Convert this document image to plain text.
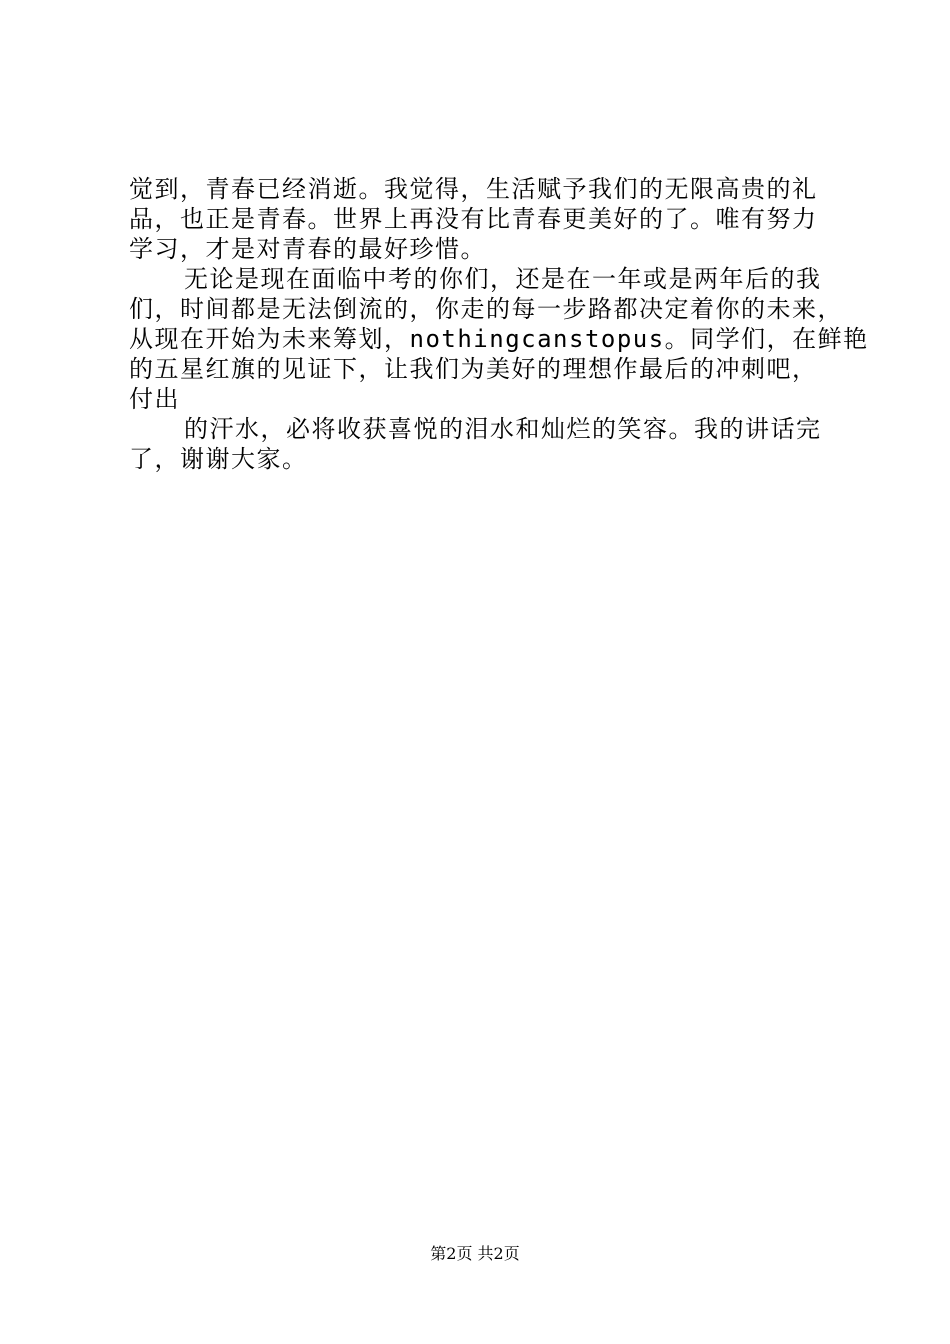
觉到，青春已经消逝。我觉得，生活赋予我们的无限高贵的礼

品，也正是青春。世界上再没有比青春更美好的了。唯有努力

学习，才是对青春的最好珍惜。

无论是现在面临中考的你们，还是在一年或是两年后的我

们，时间都是无法倒流的，你走的每一步路都决定着你的未来，

从现在开始为未来筹划，nothingcanstopus。同学们，在鲜艳

的五星红旗的见证下，让我们为美好的理想作最后的冲刺吧，

付出

的汗水，必将收获喜悦的泪水和灿烂的笑容。我的讲话完

了，谢谢大家。

第2页 共2页
